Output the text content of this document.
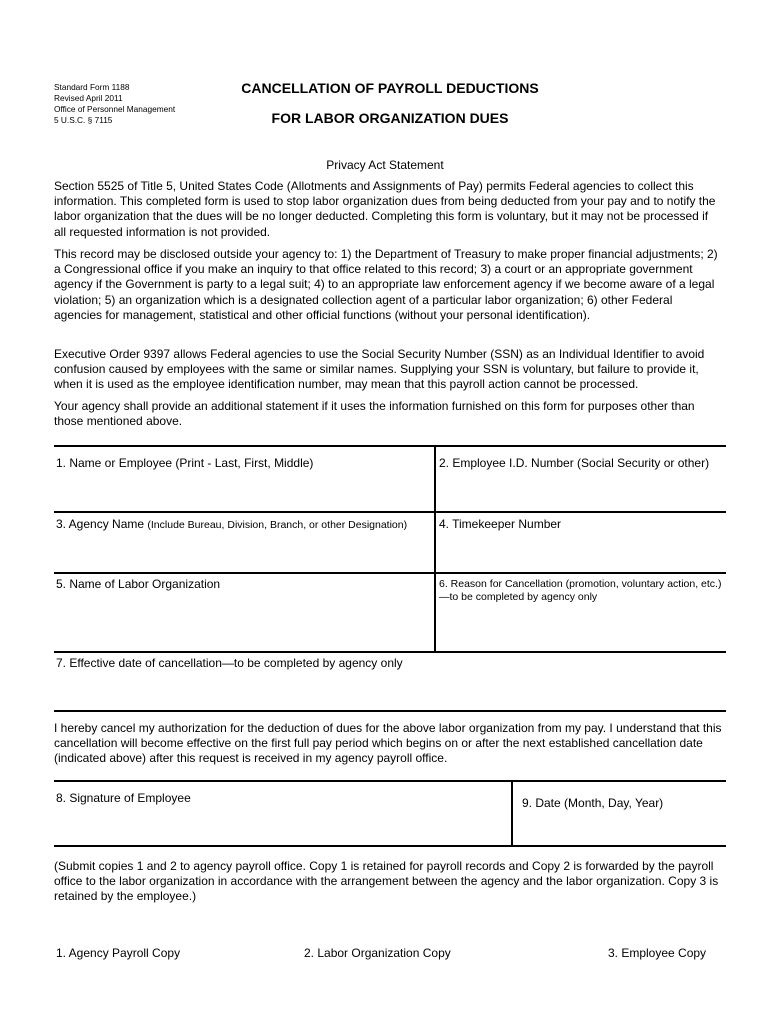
Standard Form 1188
Revised April 2011
Office of Personnel Management
5 U.S.C. § 7115
CANCELLATION OF PAYROLL DEDUCTIONS
FOR LABOR ORGANIZATION DUES
Privacy Act Statement
Section 5525 of Title 5, United States Code (Allotments and Assignments of Pay) permits Federal agencies to collect this information. This completed form is used to stop labor organization dues from being deducted from your pay and to notify the labor organization that the dues will be no longer deducted. Completing this form is voluntary, but it may not be processed if all requested information is not provided.
This record may be disclosed outside your agency to: 1) the Department of Treasury to make proper financial adjustments; 2) a Congressional office if you make an inquiry to that office related to this record; 3) a court or an appropriate government agency if the Government is party to a legal suit; 4) to an appropriate law enforcement agency if we become aware of a legal violation; 5) an organization which is a designated collection agent of a particular labor organization; 6) other Federal agencies for management, statistical and other official functions (without your personal identification).
Executive Order 9397 allows Federal agencies to use the Social Security Number (SSN) as an Individual Identifier to avoid confusion caused by employees with the same or similar names. Supplying your SSN is voluntary, but failure to provide it, when it is used as the employee identification number, may mean that this payroll action cannot be processed.
Your agency shall provide an additional statement if it uses the information furnished on this form for purposes other than those mentioned above.
1. Name or Employee (Print - Last, First, Middle)	2. Employee I.D. Number (Social Security or other)
3. Agency Name (Include Bureau, Division, Branch, or other Designation)	4. Timekeeper Number
5. Name of Labor Organization	6. Reason for Cancellation (promotion, voluntary action, etc.)—to be completed by agency only
7. Effective date of cancellation—to be completed by agency only
I hereby cancel my authorization for the deduction of dues for the above labor organization from my pay. I understand that this cancellation will become effective on the first full pay period which begins on or after the next established cancellation date (indicated above) after this request is received in my agency payroll office.
8. Signature of Employee	9. Date (Month, Day, Year)
(Submit copies 1 and 2 to agency payroll office. Copy 1 is retained for payroll records and Copy 2 is forwarded by the payroll office to the labor organization in accordance with the arrangement between the agency and the labor organization. Copy 3 is retained by the employee.)
1. Agency Payroll Copy	2. Labor Organization Copy	3. Employee Copy
